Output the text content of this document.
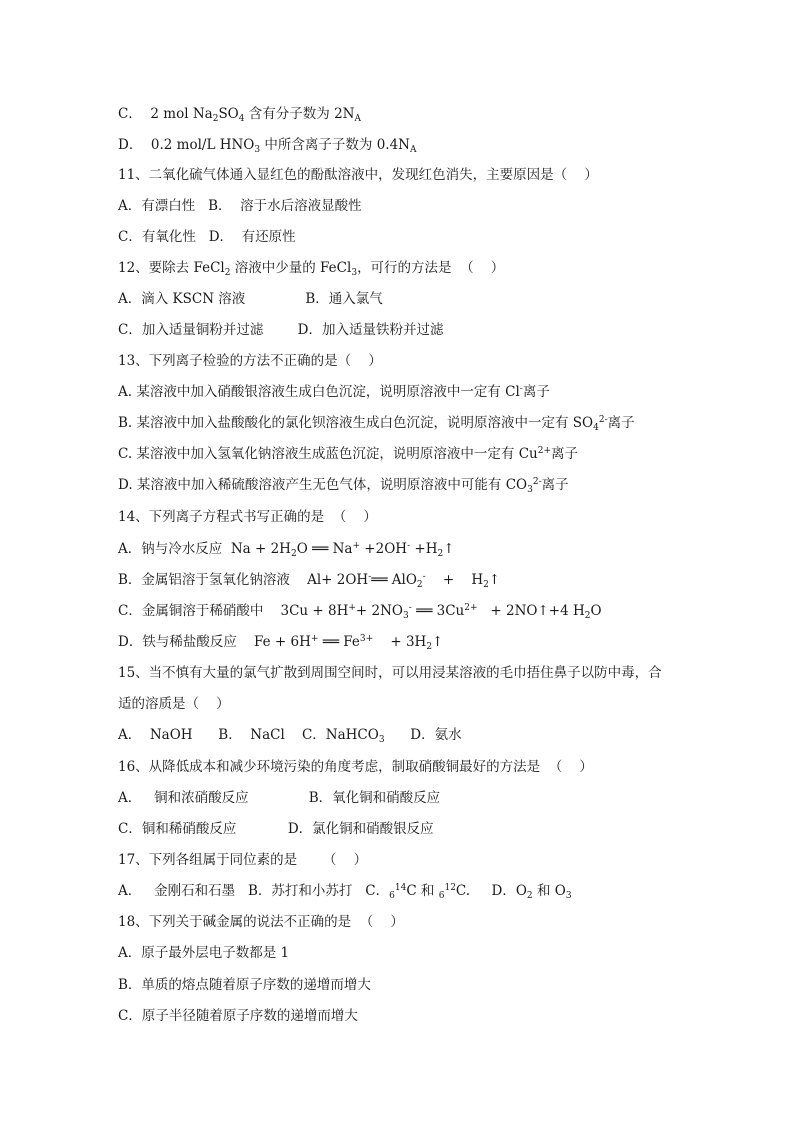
C．  2 mol $Na_2SO_4$ 含有分子数为 $2N_A$
D．  0.2 mol/L $HNO_3$ 中所含离子子数为 $0.4N_A$
11、二氧化硫气体通入显红色的酚酞溶液中，发现红色消失，主要原因是（    ）
A．有漂白性   B．  溶于水后溶液显酸性
C．有氧化性   D．  有还原性
12、要除去 FeCl$_2$ 溶液中少量的 FeCl$_3$，可行的方法是  （    ）
A．滴入 KSCN 溶液              B．通入氯气
C．加入适量铜粉并过滤        D．加入适量铁粉并过滤
13、下列离子检验的方法不正确的是（    ）
A. 某溶液中加入硝酸银溶液生成白色沉淀，说明原溶液中一定有 Cl-离子
B. 某溶液中加入盐酸酸化的氯化钡溶液生成白色沉淀，说明原溶液中一定有 $SO_4^{2-}$离子
C. 某溶液中加入氢氧化钠溶液生成蓝色沉淀，说明原溶液中一定有 $Cu^{2+}$离子
D. 某溶液中加入稀硫酸溶液产生无色气体，说明原溶液中可能有 $CO_3^{2-}$离子
14、下列离子方程式书写正确的是  （    ）
A．钠与冷水反应  $Na + 2H_2O$ ══ $Na^+ +2OH^- +H_2↑$
B．金属铝溶于氢氧化钠溶液    Al+ 2OH-══ AlO$_2$-    +    $H_2↑$
C．金属铜溶于稀硝酸中    $3Cu + 8H^++ 2NO_3^-$ ══ $3Cu^{2+}$   + 2NO↑+4 $H_2O$
D．铁与稀盐酸反应    Fe + 6H+ ══ $Fe^{3+}$    + $3H_2↑$
15、当不慎有大量的氯气扩散到周围空间时，可以用浸某溶液的毛巾捂住鼻子以防中毒，合
适的溶质是（    ）
A．  NaOH      B．  NaCl    C．NaHCO$_3$      D．氨水
16、从降低成本和减少环境污染的角度考虑，制取硝酸铜最好的方法是  （    ）
A．   铜和浓硝酸反应              B．氧化铜和硝酸反应
C．铜和稀硝酸反应            D．氯化铜和硝酸银反应
17、下列各组属于同位素的是      （    ）
A．   金刚石和石墨   B．苏打和小苏打   C．$_6^{14}$C 和 $_6^{12}$C.     D．$O_2$ 和 $O_3$
18、下列关于碱金属的说法不正确的是  （    ）
A．原子最外层电子数都是 1
B．单质的熔点随着原子序数的递增而增大
C．原子半径随着原子序数的递增而增大
